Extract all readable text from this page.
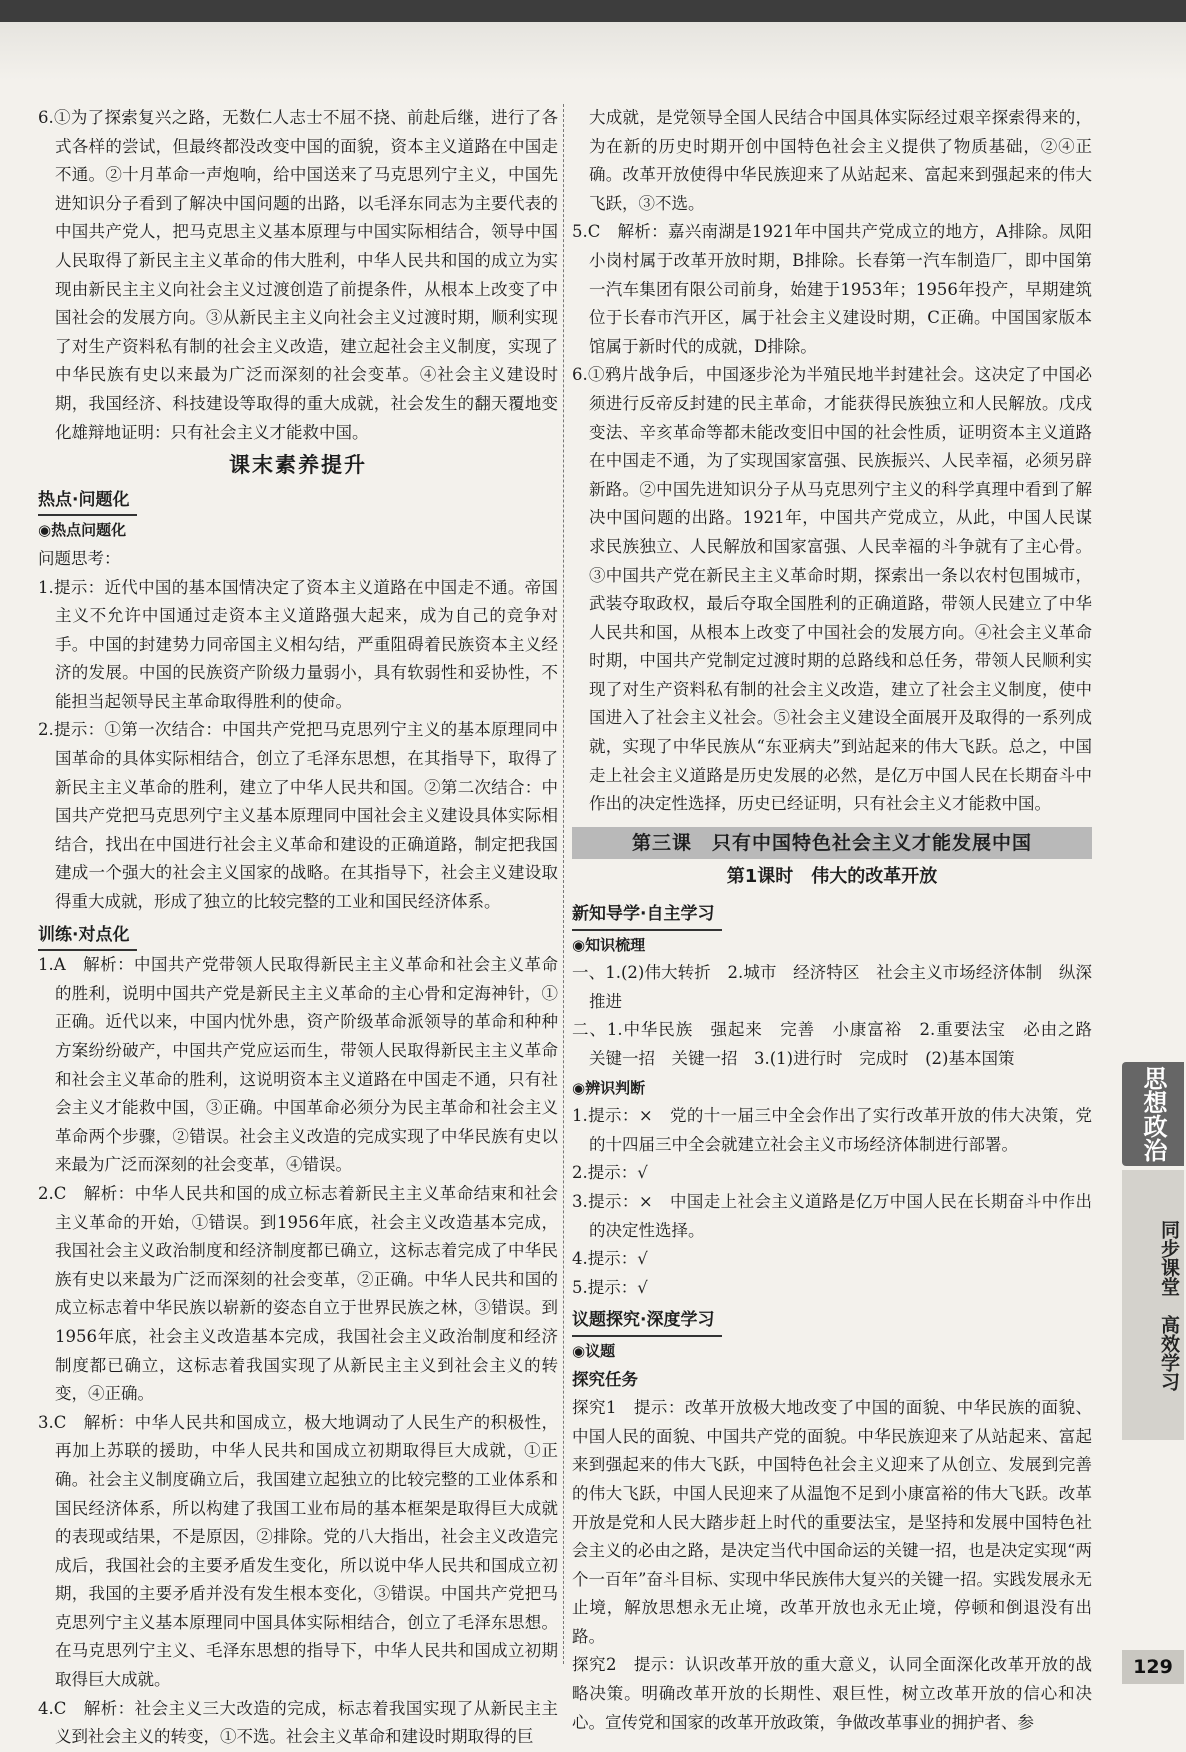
6.①为了探索复兴之路，无数仁人志士不屈不挠、前赴后继，进行了各式各样的尝试，但最终都没改变中国的面貌，资本主义道路在中国走不通。②十月革命一声炮响，给中国送来了马克思列宁主义，中国先进知识分子看到了解决中国问题的出路，以毛泽东同志为主要代表的中国共产党人，把马克思主义基本原理与中国实际相结合，领导中国人民取得了新民主主义革命的伟大胜利，中华人民共和国的成立为实现由新民主主义向社会主义过渡创造了前提条件，从根本上改变了中国社会的发展方向。③从新民主主义向社会主义过渡时期，顺利实现了对生产资料私有制的社会主义改造，建立起社会主义制度，实现了中华民族有史以来最为广泛而深刻的社会变革。④社会主义建设时期，我国经济、科技建设等取得的重大成就，社会发生的翻天覆地变化雄辩地证明：只有社会主义才能救中国。

课末素养提升
热点·问题化
◉热点问题化

问题思考：

1.提示：近代中国的基本国情决定了资本主义道路在中国走不通。帝国主义不允许中国通过走资本主义道路强大起来，成为自己的竞争对手。中国的封建势力同帝国主义相勾结，严重阻碍着民族资本主义经济的发展。中国的民族资产阶级力量弱小，具有软弱性和妥协性，不能担当起领导民主革命取得胜利的使命。

2.提示：①第一次结合：中国共产党把马克思列宁主义的基本原理同中国革命的具体实际相结合，创立了毛泽东思想，在其指导下，取得了新民主主义革命的胜利，建立了中华人民共和国。②第二次结合：中国共产党把马克思列宁主义基本原理同中国社会主义建设具体实际相结合，找出在中国进行社会主义革命和建设的正确道路，制定把我国建成一个强大的社会主义国家的战略。在其指导下，社会主义建设取得重大成就，形成了独立的比较完整的工业和国民经济体系。

训练·对点化

1.A　解析：中国共产党带领人民取得新民主主义革命和社会主义革命的胜利，说明中国共产党是新民主主义革命的主心骨和定海神针，①正确。近代以来，中国内忧外患，资产阶级革命派领导的革命和种种方案纷纷破产，中国共产党应运而生，带领人民取得新民主主义革命和社会主义革命的胜利，这说明资本主义道路在中国走不通，只有社会主义才能救中国，③正确。中国革命必须分为民主革命和社会主义革命两个步骤，②错误。社会主义改造的完成实现了中华民族有史以来最为广泛而深刻的社会变革，④错误。

2.C　解析：中华人民共和国的成立标志着新民主主义革命结束和社会主义革命的开始，①错误。到1956年底，社会主义改造基本完成，我国社会主义政治制度和经济制度都已确立，这标志着完成了中华民族有史以来最为广泛而深刻的社会变革，②正确。中华人民共和国的成立标志着中华民族以崭新的姿态自立于世界民族之林，③错误。到1956年底，社会主义改造基本完成，我国社会主义政治制度和经济制度都已确立，这标志着我国实现了从新民主主义到社会主义的转变，④正确。

3.C　解析：中华人民共和国成立，极大地调动了人民生产的积极性，再加上苏联的援助，中华人民共和国成立初期取得巨大成就，①正确。社会主义制度确立后，我国建立起独立的比较完整的工业体系和国民经济体系，所以构建了我国工业布局的基本框架是取得巨大成就的表现或结果，不是原因，②排除。党的八大指出，社会主义改造完成后，我国社会的主要矛盾发生变化，所以说中华人民共和国成立初期，我国的主要矛盾并没有发生根本变化，③错误。中国共产党把马克思列宁主义基本原理同中国具体实际相结合，创立了毛泽东思想。在马克思列宁主义、毛泽东思想的指导下，中华人民共和国成立初期取得巨大成就。

4.C　解析：社会主义三大改造的完成，标志着我国实现了从新民主主义到社会主义的转变，①不选。社会主义革命和建设时期取得的巨

大成就，是党领导全国人民结合中国具体实际经过艰辛探索得来的，为在新的历史时期开创中国特色社会主义提供了物质基础，②④正确。改革开放使得中华民族迎来了从站起来、富起来到强起来的伟大飞跃，③不选。

5.C　解析：嘉兴南湖是1921年中国共产党成立的地方，A排除。凤阳小岗村属于改革开放时期，B排除。长春第一汽车制造厂，即中国第一汽车集团有限公司前身，始建于1953年；1956年投产，早期建筑位于长春市汽开区，属于社会主义建设时期，C正确。中国国家版本馆属于新时代的成就，D排除。

6.①鸦片战争后，中国逐步沦为半殖民地半封建社会。这决定了中国必须进行反帝反封建的民主革命，才能获得民族独立和人民解放。戊戌变法、辛亥革命等都未能改变旧中国的社会性质，证明资本主义道路在中国走不通，为了实现国家富强、民族振兴、人民幸福，必须另辟新路。②中国先进知识分子从马克思列宁主义的科学真理中看到了解决中国问题的出路。1921年，中国共产党成立，从此，中国人民谋求民族独立、人民解放和国家富强、人民幸福的斗争就有了主心骨。③中国共产党在新民主主义革命时期，探索出一条以农村包围城市，武装夺取政权，最后夺取全国胜利的正确道路，带领人民建立了中华人民共和国，从根本上改变了中国社会的发展方向。④社会主义革命时期，中国共产党制定过渡时期的总路线和总任务，带领人民顺利实现了对生产资料私有制的社会主义改造，建立了社会主义制度，使中国进入了社会主义社会。⑤社会主义建设全面展开及取得的一系列成就，实现了中华民族从“东亚病夫”到站起来的伟大飞跃。总之，中国走上社会主义道路是历史发展的必然，是亿万中国人民在长期奋斗中作出的决定性选择，历史已经证明，只有社会主义才能救中国。

第三课　只有中国特色社会主义才能发展中国
第1课时　伟大的改革开放
新知导学·自主学习
◉知识梳理

一、1.(2)伟大转折　2.城市　经济特区　社会主义市场经济体制　纵深推进

二、1.中华民族　强起来　完善　小康富裕　2.重要法宝　必由之路　关键一招　关键一招　3.(1)进行时　完成时　(2)基本国策

◉辨识判断

1.提示：×　党的十一届三中全会作出了实行改革开放的伟大决策，党的十四届三中全会就建立社会主义市场经济体制进行部署。

2.提示：√

3.提示：×　中国走上社会主义道路是亿万中国人民在长期奋斗中作出的决定性选择。

4.提示：√

5.提示：√

议题探究·深度学习
◉议题

探究任务

探究1　提示：改革开放极大地改变了中国的面貌、中华民族的面貌、中国人民的面貌、中国共产党的面貌。中华民族迎来了从站起来、富起来到强起来的伟大飞跃，中国特色社会主义迎来了从创立、发展到完善的伟大飞跃，中国人民迎来了从温饱不足到小康富裕的伟大飞跃。改革开放是党和人民大踏步赶上时代的重要法宝，是坚持和发展中国特色社会主义的必由之路，是决定当代中国命运的关键一招，也是决定实现“两个一百年”奋斗目标、实现中华民族伟大复兴的关键一招。实践发展永无止境，解放思想永无止境，改革开放也永无止境，停顿和倒退没有出路。

探究2　提示：认识改革开放的重大意义，认同全面深化改革开放的战略决策。明确改革开放的长期性、艰巨性，树立改革开放的信心和决心。宣传党和国家的改革开放政策，争做改革事业的拥护者、参

思想政治
同步课堂　高效学习
129
